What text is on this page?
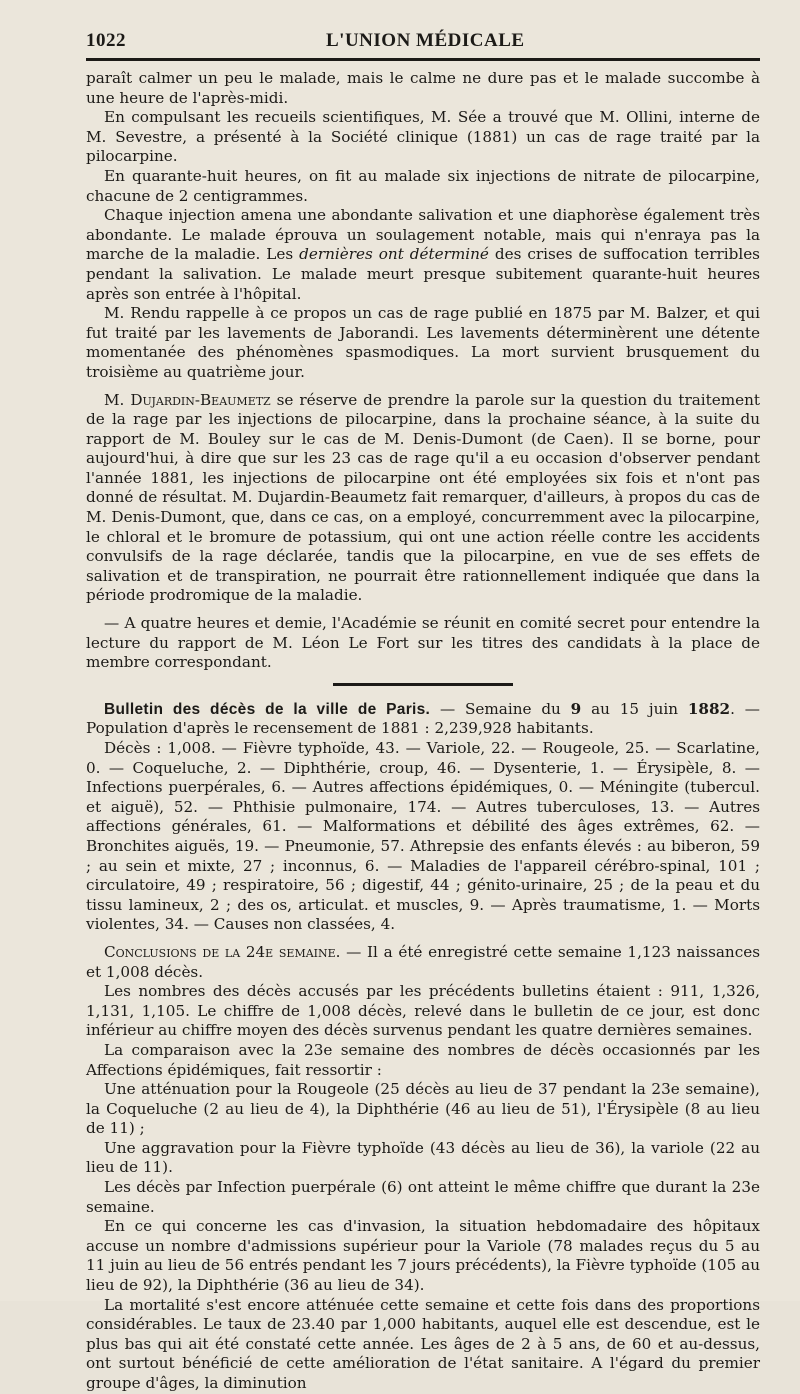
1022	L'UNION MÉDICALE

paraît calmer un peu le malade, mais le calme ne dure pas et le malade succombe à une heure de l'après-midi.

En compulsant les recueils scientifiques, M. Sée a trouvé que M. Ollini, interne de M. Sevestre, a présenté à la Société clinique (1881) un cas de rage traité par la pilocarpine.

En quarante-huit heures, on fit au malade six injections de nitrate de pilocarpine, chacune de 2 centigrammes.

Chaque injection amena une abondante salivation et une diaphorèse également très abondante. Le malade éprouva un soulagement notable, mais qui n'enraya pas la marche de la maladie. Les dernières ont déterminé des crises de suffocation terribles pendant la salivation. Le malade meurt presque subitement quarante-huit heures après son entrée à l'hôpital.

M. Rendu rappelle à ce propos un cas de rage publié en 1875 par M. Balzer, et qui fut traité par les lavements de Jaborandi. Les lavements déterminèrent une détente momentanée des phénomènes spasmodiques. La mort survient brusquement du troisième au quatrième jour.

M. Dujardin-Beaumetz se réserve de prendre la parole sur la question du traitement de la rage par les injections de pilocarpine, dans la prochaine séance, à la suite du rapport de M. Bouley sur le cas de M. Denis-Dumont (de Caen). Il se borne, pour aujourd'hui, à dire que sur les 23 cas de rage qu'il a eu occasion d'observer pendant l'année 1881, les injections de pilocarpine ont été employées six fois et n'ont pas donné de résultat. M. Dujardin-Beaumetz fait remarquer, d'ailleurs, à propos du cas de M. Denis-Dumont, que, dans ce cas, on a employé, concurremment avec la pilocarpine, le chloral et le bromure de potassium, qui ont une action réelle contre les accidents convulsifs de la rage déclarée, tandis que la pilocarpine, en vue de ses effets de salivation et de transpiration, ne pourrait être rationnellement indiquée que dans la période prodromique de la maladie.

— A quatre heures et demie, l'Académie se réunit en comité secret pour entendre la lecture du rapport de M. Léon Le Fort sur les titres des candidats à la place de membre correspondant.

Bulletin des décès de la ville de Paris. — Semaine du 9 au 15 juin 1882. — Population d'après le recensement de 1881 : 2,239,928 habitants.

Décès : 1,008. — Fièvre typhoïde, 43. — Variole, 22. — Rougeole, 25. — Scarlatine, 0. — Coqueluche, 2. — Diphthérie, croup, 46. — Dysenterie, 1. — Érysipèle, 8. — Infections puerpérales, 6. — Autres affections épidémiques, 0. — Méningite (tubercul. et aiguë), 52. — Phthisie pulmonaire, 174. — Autres tuberculoses, 13. — Autres affections générales, 61. — Malformations et débilité des âges extrêmes, 62. — Bronchites aiguës, 19. — Pneumonie, 57. Athrepsie des enfants élevés : au biberon, 59 ; au sein et mixte, 27 ; inconnus, 6. — Maladies de l'appareil cérébro-spinal, 101 ; circulatoire, 49 ; respiratoire, 56 ; digestif, 44 ; génito-urinaire, 25 ; de la peau et du tissu lamineux, 2 ; des os, articulat. et muscles, 9. — Après traumatisme, 1. — Morts violentes, 34. — Causes non classées, 4.

Conclusions de la 24e semaine. — Il a été enregistré cette semaine 1,123 naissances et 1,008 décès.

Les nombres des décès accusés par les précédents bulletins étaient : 911, 1,326, 1,131, 1,105. Le chiffre de 1,008 décès, relevé dans le bulletin de ce jour, est donc inférieur au chiffre moyen des décès survenus pendant les quatre dernières semaines.

La comparaison avec la 23e semaine des nombres de décès occasionnés par les Affections épidémiques, fait ressortir :

Une atténuation pour la Rougeole (25 décès au lieu de 37 pendant la 23e semaine), la Coqueluche (2 au lieu de 4), la Diphthérie (46 au lieu de 51), l'Érysipèle (8 au lieu de 11) ;

Une aggravation pour la Fièvre typhoïde (43 décès au lieu de 36), la variole (22 au lieu de 11).

Les décès par Infection puerpérale (6) ont atteint le même chiffre que durant la 23e semaine.

En ce qui concerne les cas d'invasion, la situation hebdomadaire des hôpitaux accuse un nombre d'admissions supérieur pour la Variole (78 malades reçus du 5 au 11 juin au lieu de 56 entrés pendant les 7 jours précédents), la Fièvre typhoïde (105 au lieu de 92), la Diphthérie (36 au lieu de 34).

La mortalité s'est encore atténuée cette semaine et cette fois dans des proportions considérables. Le taux de 23.40 par 1,000 habitants, auquel elle est descendue, est le plus bas qui ait été constaté cette année. Les âges de 2 à 5 ans, de 60 et au-dessus, ont surtout bénéficié de cette amélioration de l'état sanitaire. A l'égard du premier groupe d'âges, la diminution
